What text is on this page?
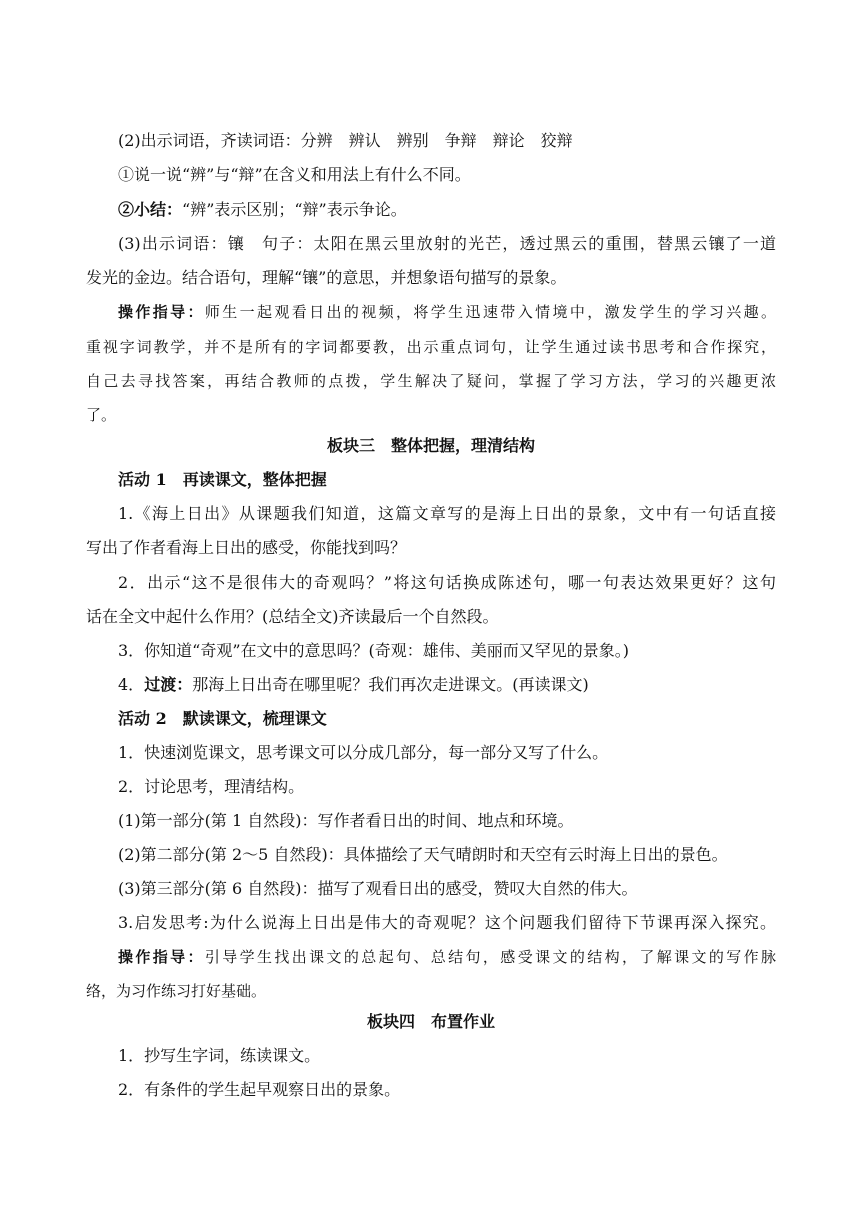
(2)出示词语，齐读词语：分辨　辨认　辨别　争辩　辩论　狡辩
①说一说“辨”与“辩”在含义和用法上有什么不同。
②小结：“辨”表示区别；“辩”表示争论。
(3)出示词语：镶　句子：太阳在黑云里放射的光芒，透过黑云的重围，替黑云镶了一道
发光的金边。结合语句，理解“镶”的意思，并想象语句描写的景象。
操作指导：师生一起观看日出的视频，将学生迅速带入情境中，激发学生的学习兴趣。
重视字词教学，并不是所有的字词都要教，出示重点词句，让学生通过读书思考和合作探究，
自己去寻找答案，再结合教师的点拨，学生解决了疑问，掌握了学习方法，学习的兴趣更浓
了。
板块三　整体把握，理清结构
活动 1　再读课文，整体把握
1.《海上日出》从课题我们知道，这篇文章写的是海上日出的景象，文中有一句话直接
写出了作者看海上日出的感受，你能找到吗？
2．出示“这不是很伟大的奇观吗？”将这句话换成陈述句，哪一句表达效果更好？这句
话在全文中起什么作用？(总结全文)齐读最后一个自然段。
3．你知道“奇观”在文中的意思吗？(奇观：雄伟、美丽而又罕见的景象。)
4．过渡：那海上日出奇在哪里呢？我们再次走进课文。(再读课文)
活动 2　默读课文，梳理课文
1．快速浏览课文，思考课文可以分成几部分，每一部分又写了什么。
2．讨论思考，理清结构。
(1)第一部分(第 1 自然段)：写作者看日出的时间、地点和环境。
(2)第二部分(第 2～5 自然段)：具体描绘了天气晴朗时和天空有云时海上日出的景色。
(3)第三部分(第 6 自然段)：描写了观看日出的感受，赞叹大自然的伟大。
3.启发思考:为什么说海上日出是伟大的奇观呢？这个问题我们留待下节课再深入探究。
操作指导：引导学生找出课文的总起句、总结句，感受课文的结构，了解课文的写作脉
络，为习作练习打好基础。
板块四　布置作业
1．抄写生字词，练读课文。
2．有条件的学生起早观察日出的景象。
